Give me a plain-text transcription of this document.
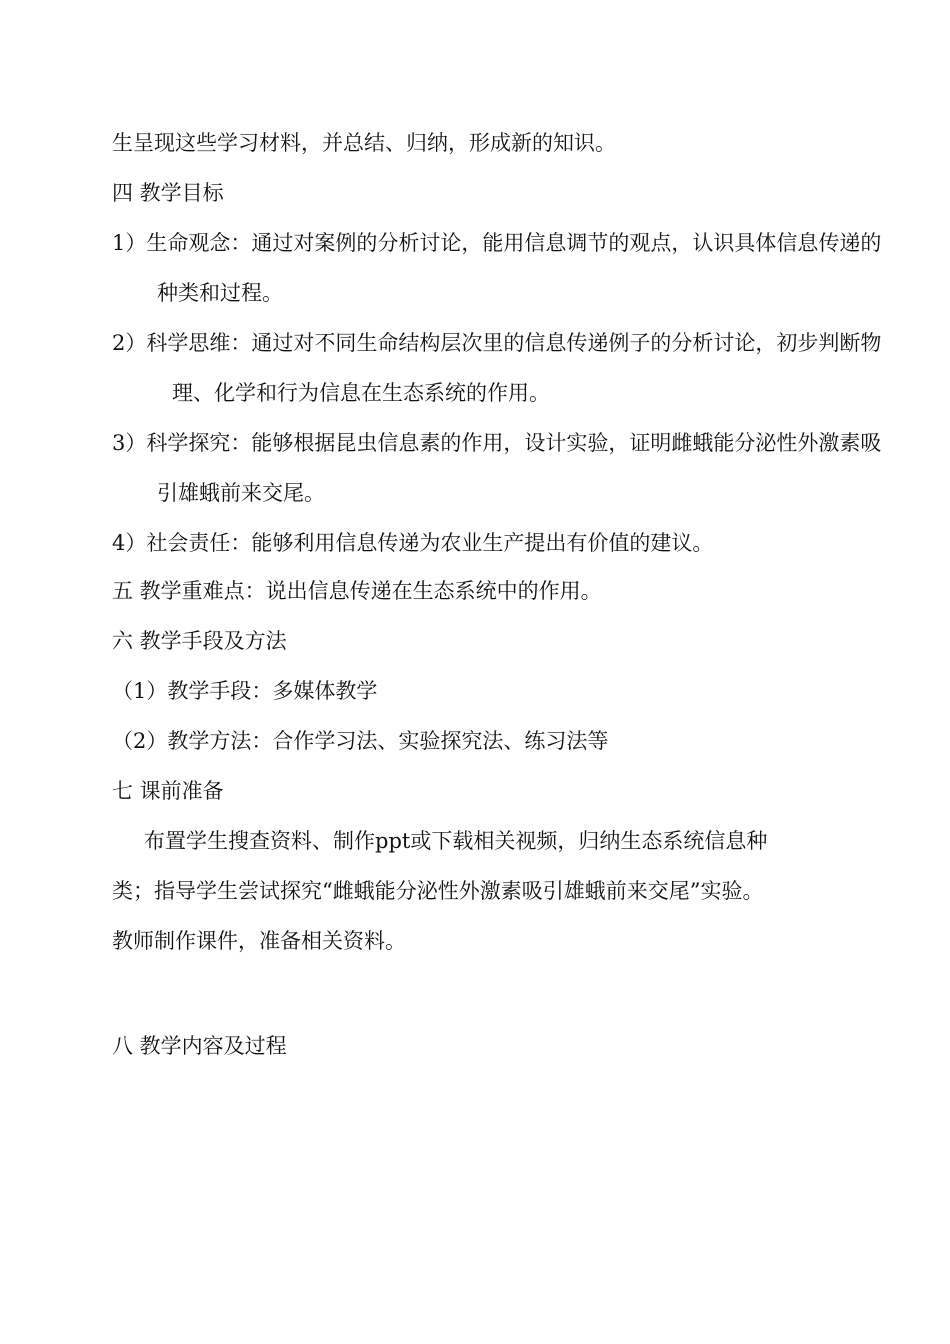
生呈现这些学习材料，并总结、归纳，形成新的知识。
四 教学目标
1）生命观念：通过对案例的分析讨论，能用信息调节的观点，认识具体信息传递的
种类和过程。
2）科学思维：通过对不同生命结构层次里的信息传递例子的分析讨论，初步判断物
理、化学和行为信息在生态系统的作用。
3）科学探究：能够根据昆虫信息素的作用，设计实验，证明雌蛾能分泌性外激素吸
引雄蛾前来交尾。
4）社会责任：能够利用信息传递为农业生产提出有价值的建议。
五 教学重难点：说出信息传递在生态系统中的作用。
六 教学手段及方法
（1）教学手段：多媒体教学
（2）教学方法：合作学习法、实验探究法、练习法等
七 课前准备
布置学生搜查资料、制作ppt或下载相关视频，归纳生态系统信息种
类；指导学生尝试探究“雌蛾能分泌性外激素吸引雄蛾前来交尾”实验。
教师制作课件，准备相关资料。
八 教学内容及过程
